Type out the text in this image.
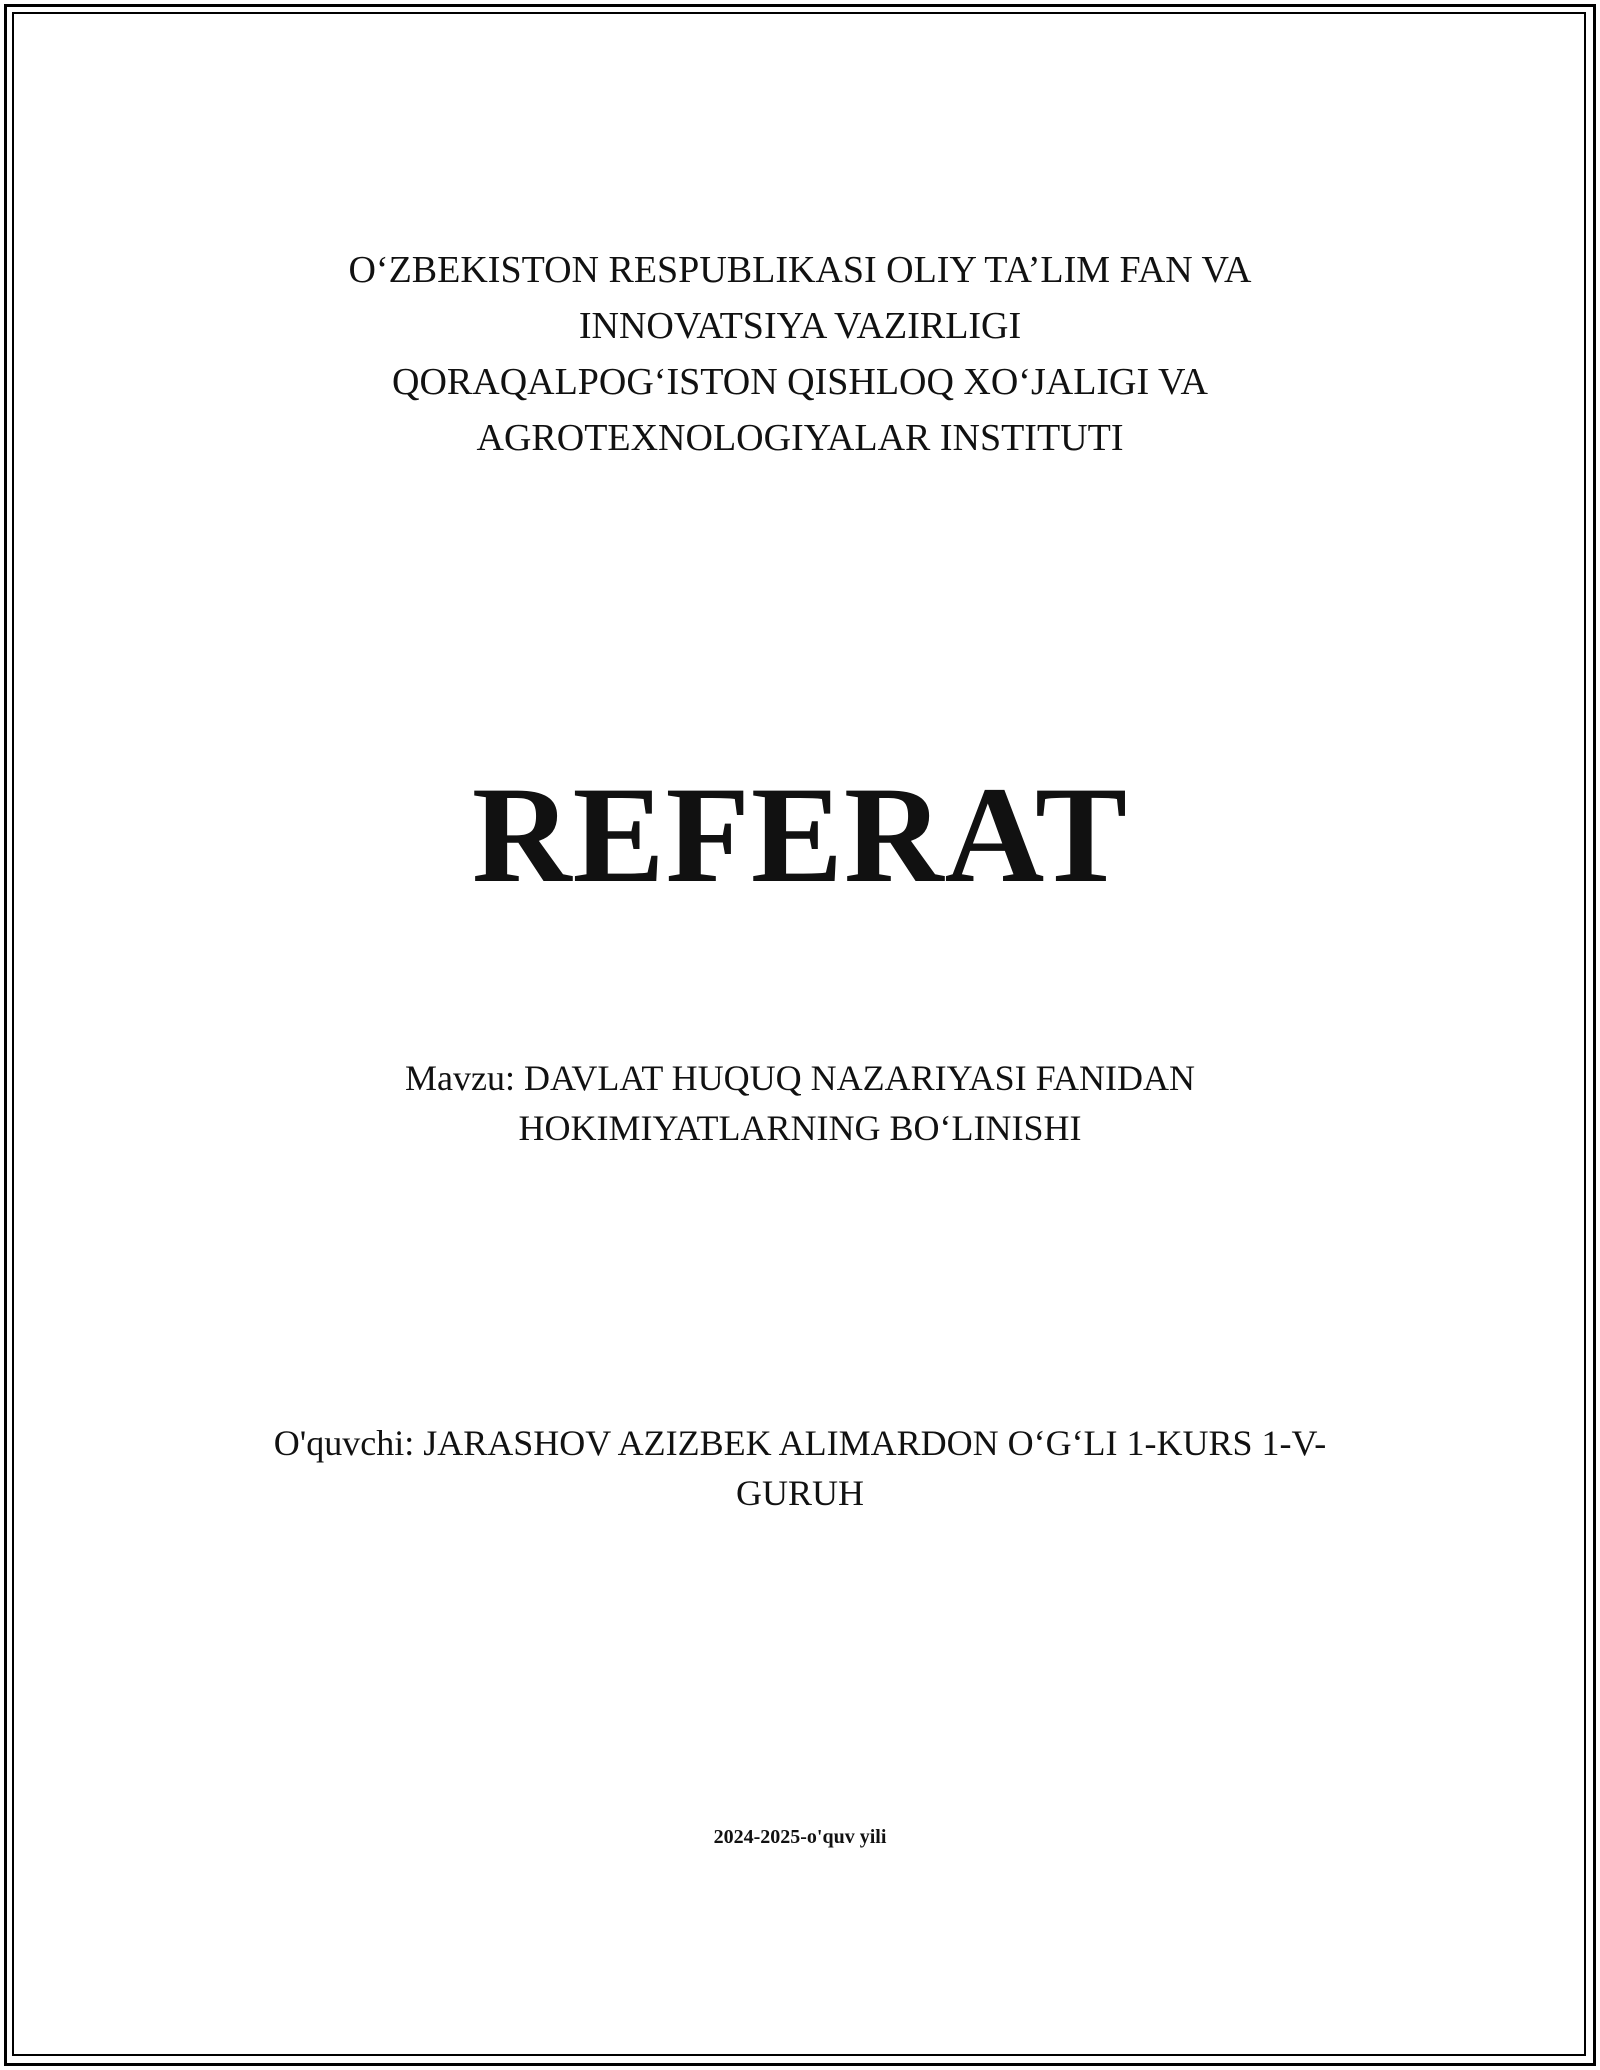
O‘ZBEKISTON RESPUBLIKASI OLIY TA’LIM FAN VA
INNOVATSIYA VAZIRLIGI
QORAQALPOG‘ISTON QISHLOQ XO‘JALIGI VA
AGROTEXNOLOGIYALAR INSTITUTI
REFERAT
Mavzu: DAVLAT HUQUQ NAZARIYASI FANIDAN
HOKIMIYATLARNING BO‘LINISHI
O'quvchi: JARASHOV AZIZBEK ALIMARDON O‘G‘LI 1-KURS 1-V-
GURUH
2024-2025-o'quv yili
